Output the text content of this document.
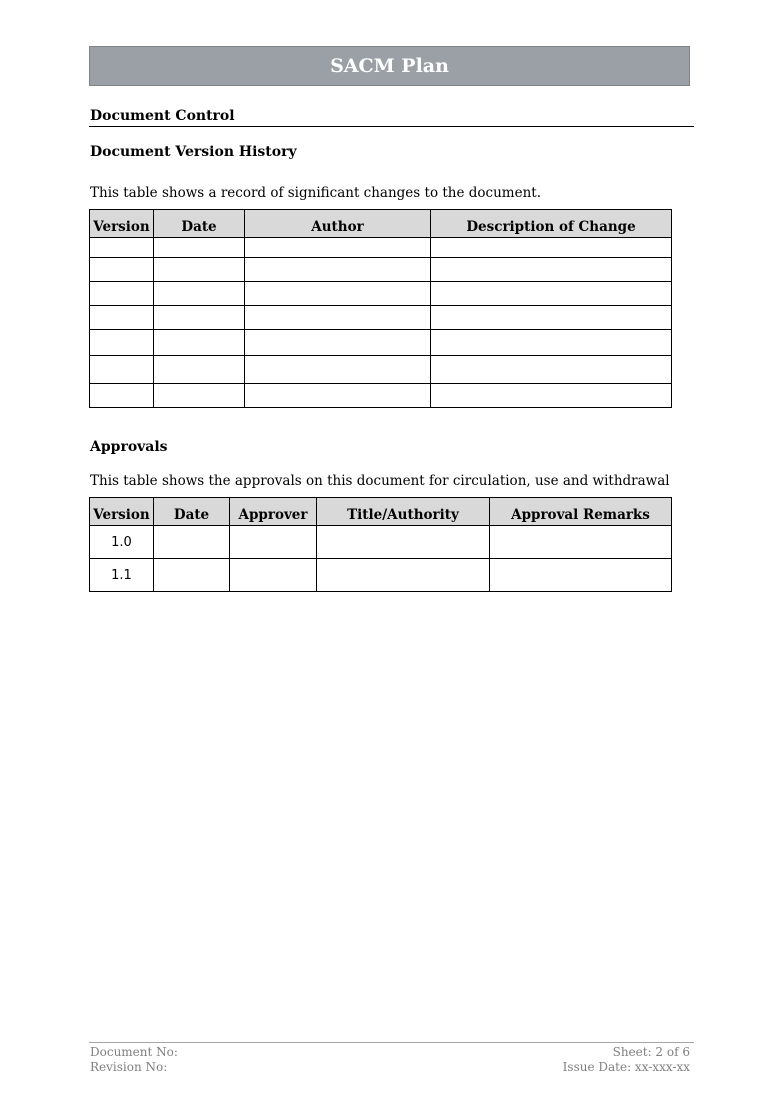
SACM Plan
Document Control
Document Version History
This table shows a record of significant changes to the document.
Version	Date	Author	Description of Change

Approvals
This table shows the approvals on this document for circulation, use and withdrawal
Version	Date	Approver	Title/Authority	Approval Remarks
1.0				
1.1				
Document No:
Revision No:
Sheet: 2 of 6
Issue Date: xx-xxx-xx
